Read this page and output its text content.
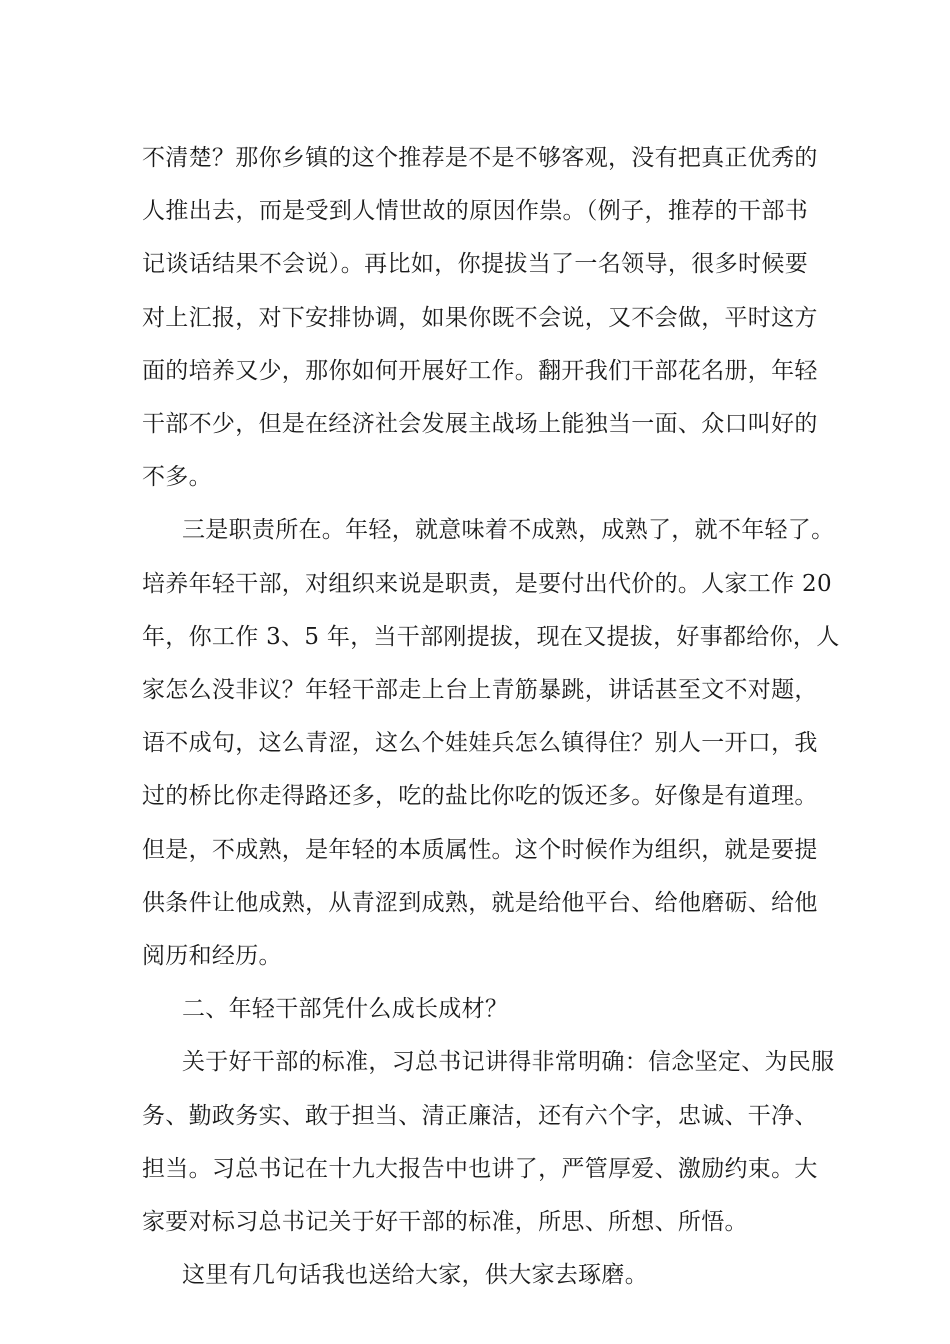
不清楚？那你乡镇的这个推荐是不是不够客观，没有把真正优秀的
人推出去，而是受到人情世故的原因作祟。（例子，推荐的干部书
记谈话结果不会说）。再比如，你提拔当了一名领导，很多时候要
对上汇报，对下安排协调，如果你既不会说，又不会做，平时这方
面的培养又少，那你如何开展好工作。翻开我们干部花名册，年轻
干部不少，但是在经济社会发展主战场上能独当一面、众口叫好的
不多。

三是职责所在。年轻，就意味着不成熟，成熟了，就不年轻了。
培养年轻干部，对组织来说是职责，是要付出代价的。人家工作 20
年，你工作 3、5 年，当干部刚提拔，现在又提拔，好事都给你，人
家怎么没非议？年轻干部走上台上青筋暴跳，讲话甚至文不对题，
语不成句，这么青涩，这么个娃娃兵怎么镇得住？别人一开口，我
过的桥比你走得路还多，吃的盐比你吃的饭还多。好像是有道理。
但是，不成熟，是年轻的本质属性。这个时候作为组织，就是要提
供条件让他成熟，从青涩到成熟，就是给他平台、给他磨砺、给他
阅历和经历。

二、年轻干部凭什么成长成材？

关于好干部的标准，习总书记讲得非常明确：信念坚定、为民服
务、勤政务实、敢于担当、清正廉洁，还有六个字，忠诚、干净、
担当。习总书记在十九大报告中也讲了，严管厚爱、激励约束。大
家要对标习总书记关于好干部的标准，所思、所想、所悟。

这里有几句话我也送给大家，供大家去琢磨。
